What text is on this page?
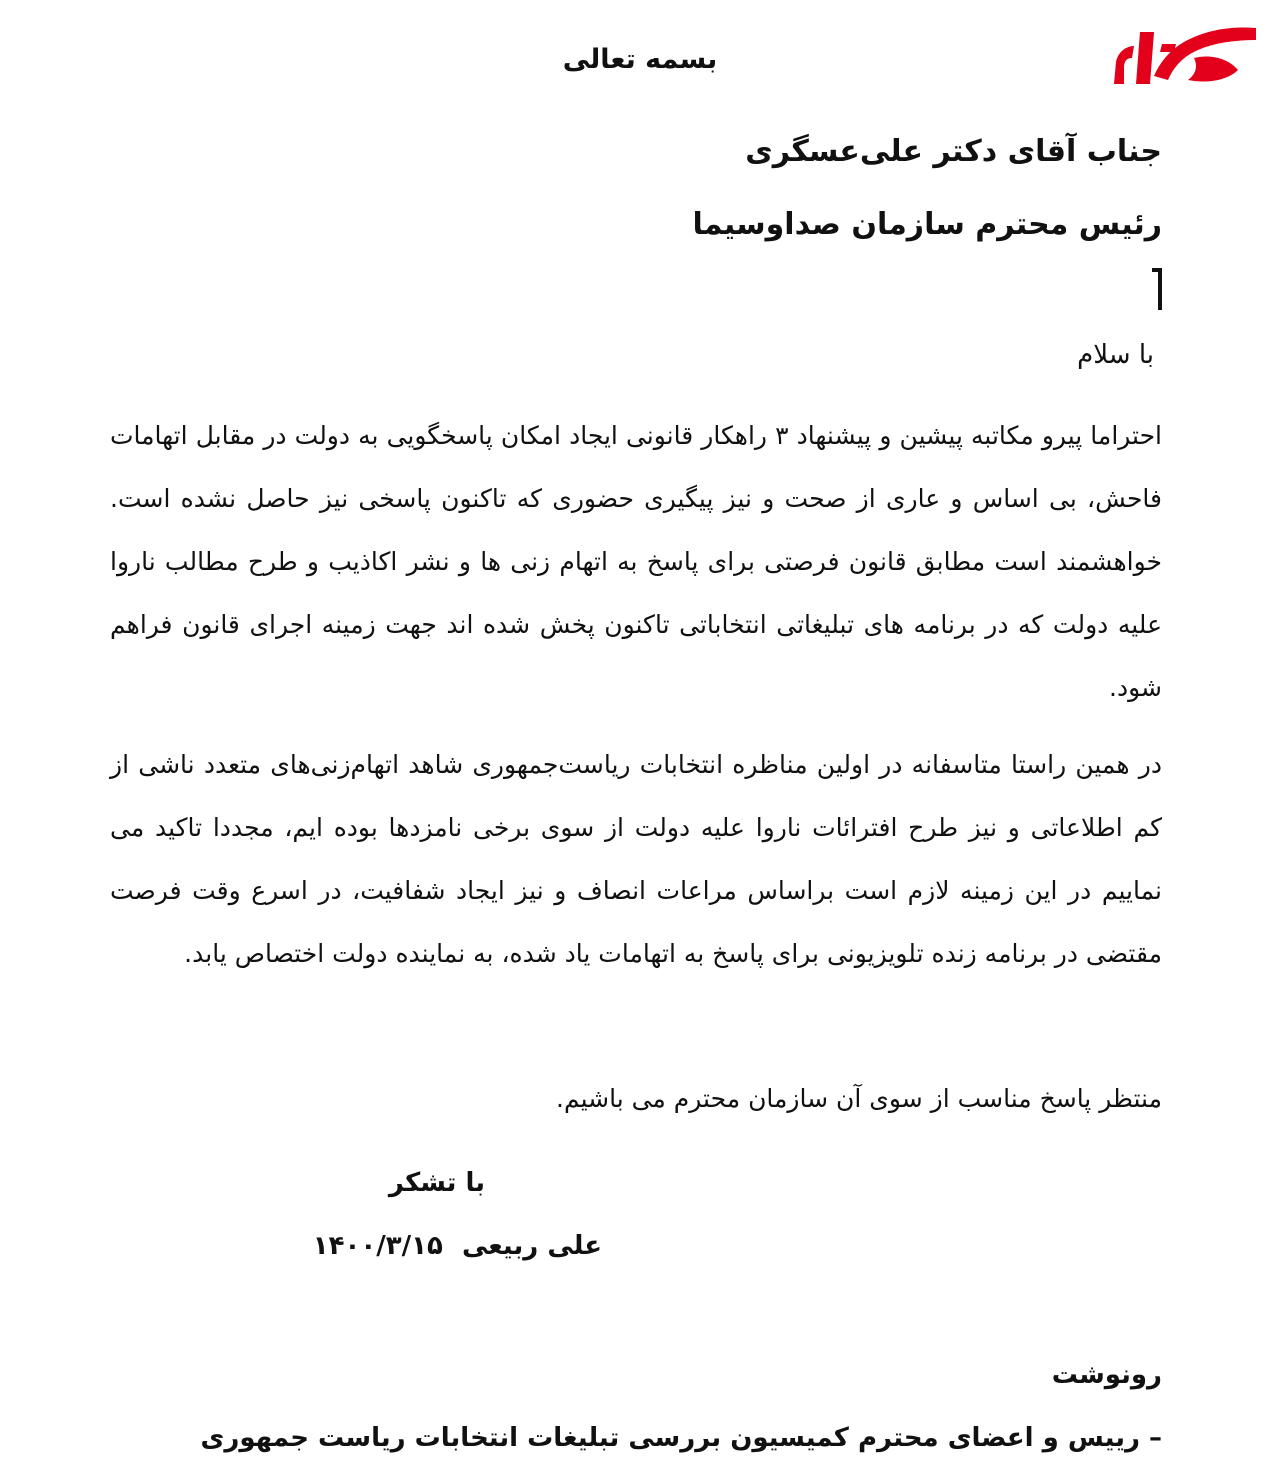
بسمه تعالی
جناب آقای دکتر علی‌عسگری
رئیس محترم سازمان صداوسیما
با سلام
احتراما پیرو مکاتبه پیشین و پیشنهاد ۳ راهکار قانونی ایجاد امکان پاسخگویی به دولت در مقابل اتهامات فاحش، بی اساس و عاری از صحت و نیز پیگیری حضوری که تاکنون پاسخی نیز حاصل نشده است. خواهشمند است مطابق قانون فرصتی برای پاسخ به اتهام زنی ها و نشر اکاذیب و طرح مطالب ناروا علیه دولت که در برنامه های تبلیغاتی انتخاباتی تاکنون پخش شده اند جهت زمینه اجرای قانون فراهم شود.
در همین راستا متاسفانه در اولین مناظره انتخابات ریاست‌جمهوری شاهد اتهام‌زنی‌های متعدد ناشی از کم اطلاعاتی و نیز طرح افترائات ناروا علیه دولت از سوی برخی نامزدها بوده ایم، مجددا تاکید می نماییم در این زمینه لازم است براساس مراعات انصاف و نیز ایجاد شفافیت، در اسرع وقت فرصت مقتضی در برنامه زنده تلویزیونی برای پاسخ به اتهامات یاد شده، به نماینده دولت اختصاص یابد.
منتظر پاسخ مناسب از سوی آن سازمان محترم می باشیم.
با تشکر
علی ربیعی ۱۴۰۰/۳/۱۵
رونوشت
– رییس و اعضای محترم کمیسیون بررسی تبلیغات انتخابات ریاست جمهوری
